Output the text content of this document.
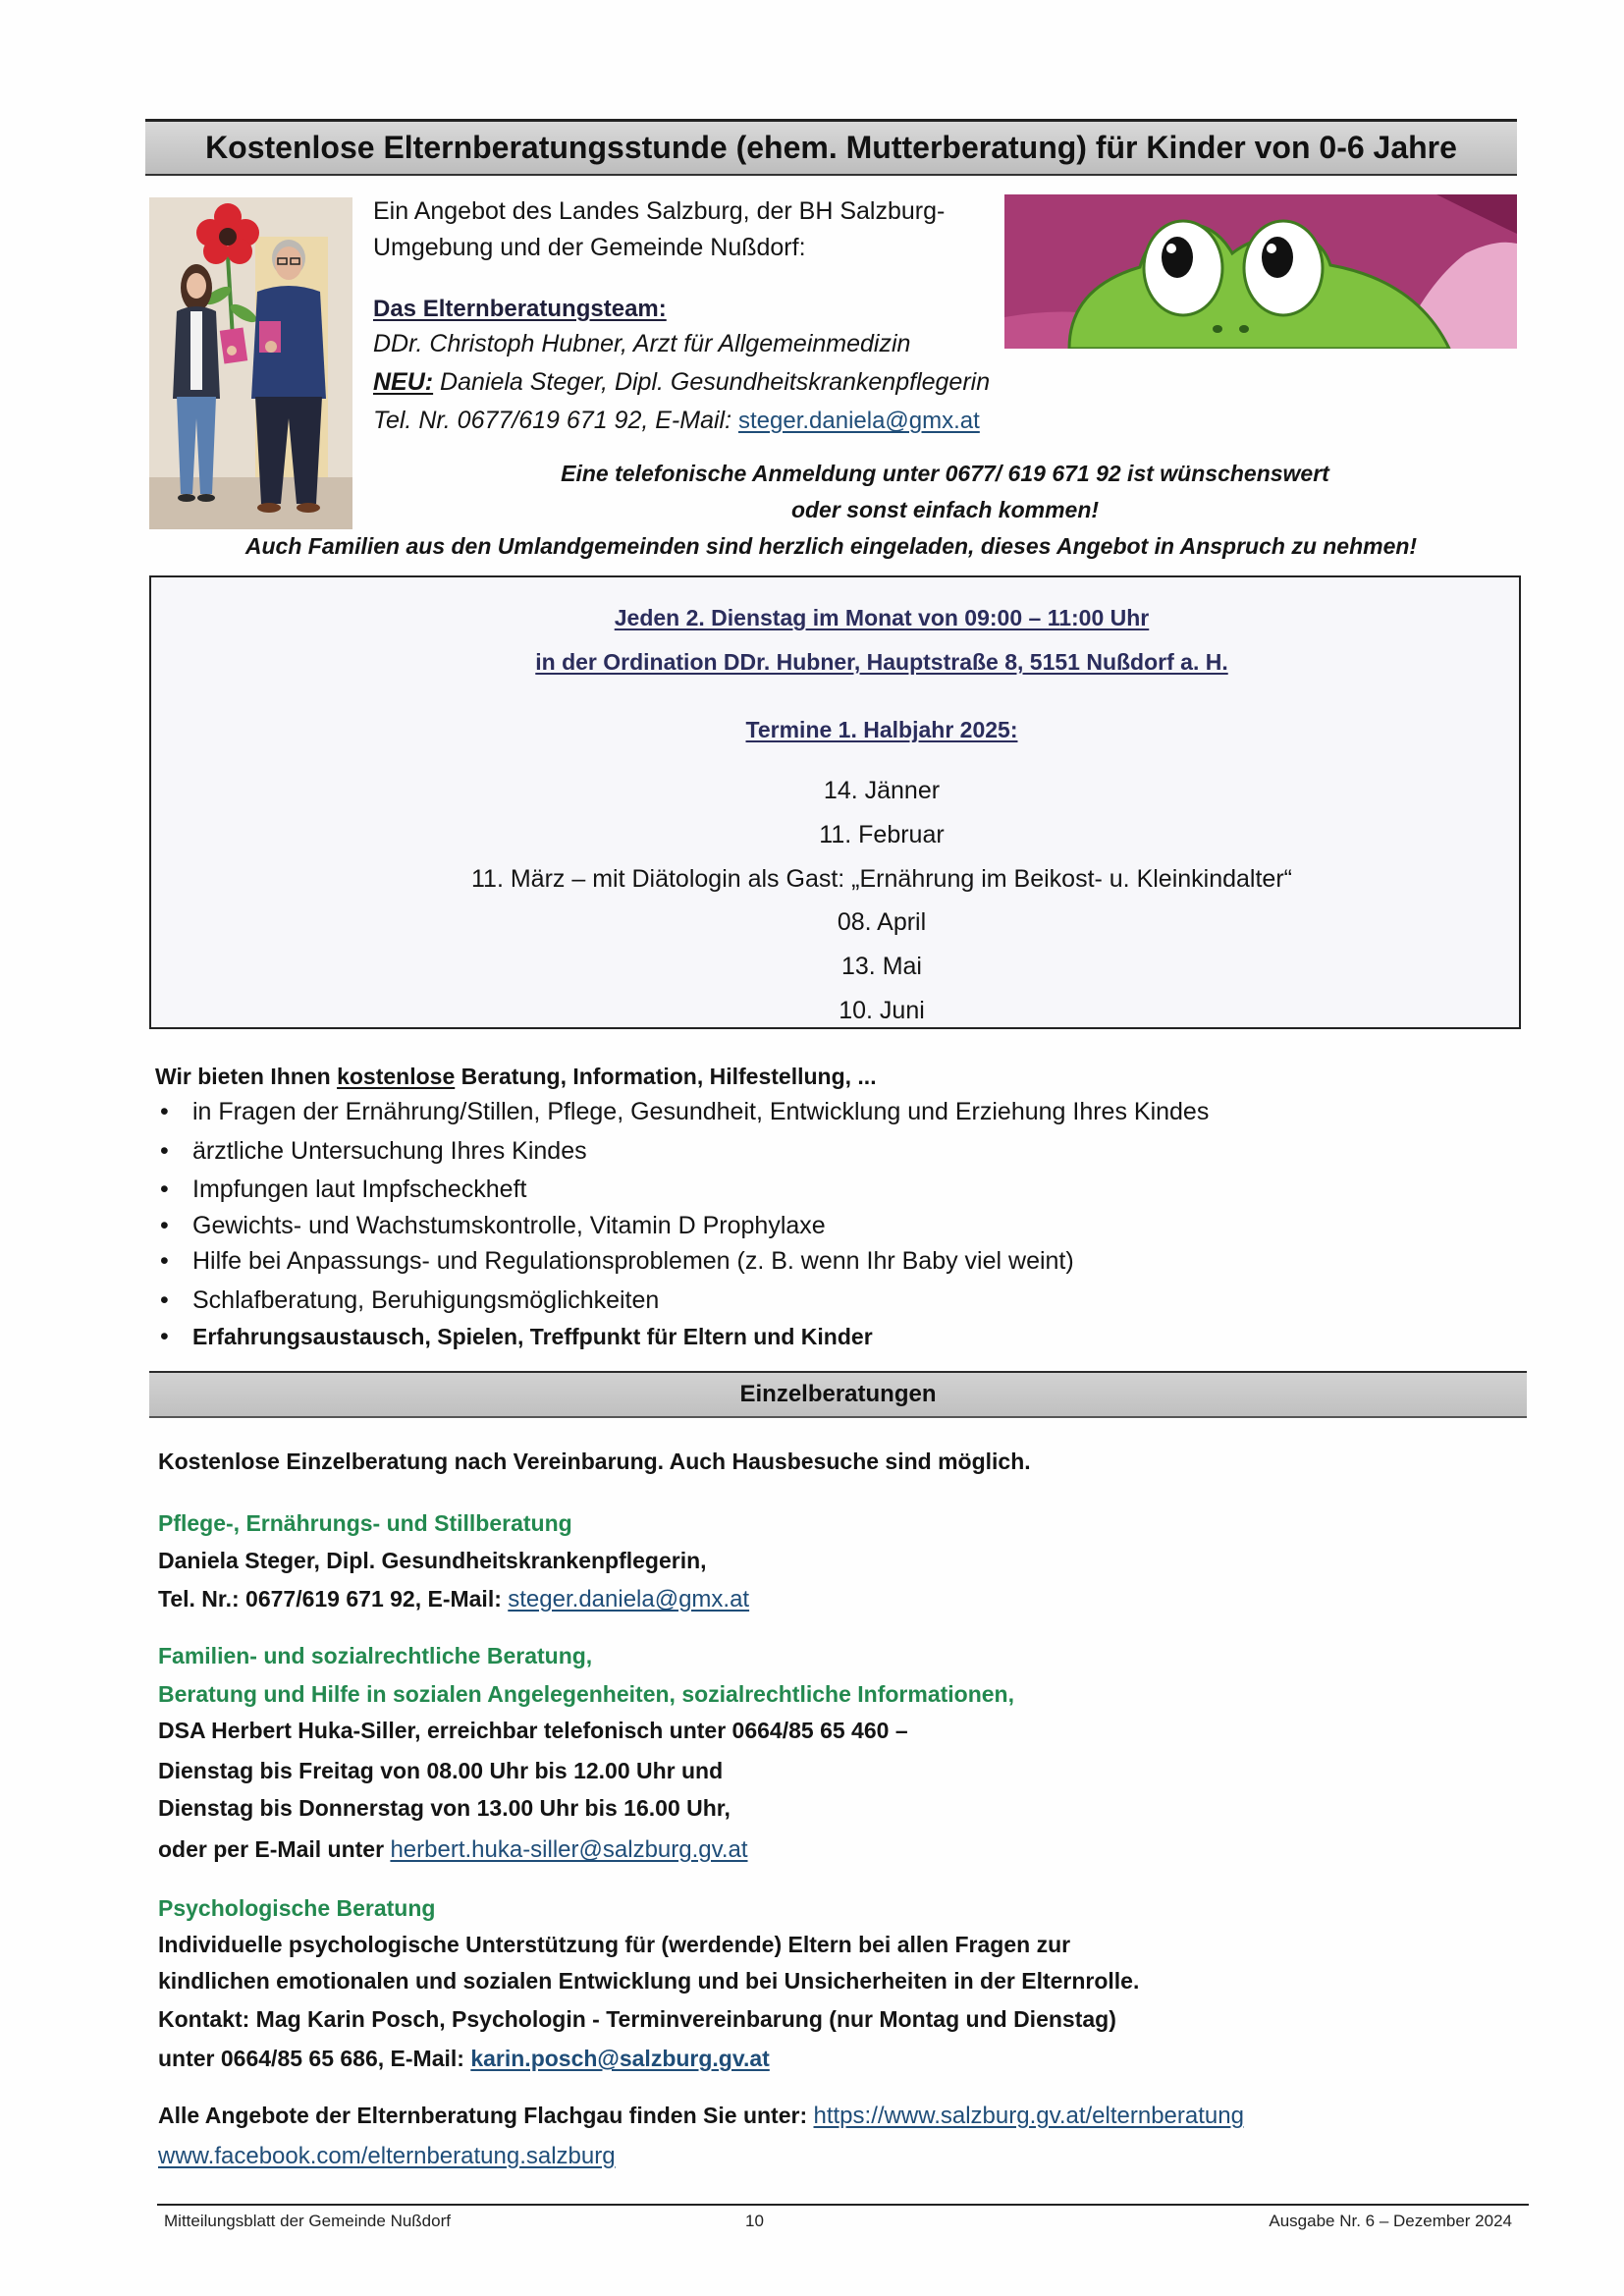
Kostenlose Elternberatungsstunde (ehem. Mutterberatung) für Kinder von 0-6 Jahre
Ein Angebot des Landes Salzburg, der BH Salzburg-
Umgebung und der Gemeinde Nußdorf:
Das Elternberatungsteam:
DDr. Christoph Hubner, Arzt für Allgemeinmedizin
NEU: Daniela Steger, Dipl. Gesundheitskrankenpflegerin
Tel. Nr. 0677/619 671 92, E-Mail: steger.daniela@gmx.at
Eine telefonische Anmeldung unter 0677/ 619 671 92 ist wünschenswert
oder sonst einfach kommen!
Auch Familien aus den Umlandgemeinden sind herzlich eingeladen, dieses Angebot in Anspruch zu nehmen!
Jeden 2. Dienstag im Monat von 09:00 – 11:00 Uhr
in der Ordination DDr. Hubner, Hauptstraße 8, 5151 Nußdorf a. H.
Termine 1. Halbjahr 2025:
14. Jänner
11. Februar
11. März – mit Diätologin als Gast: „Ernährung im Beikost- u. Kleinkindalter“
08. April
13. Mai
10. Juni
Wir bieten Ihnen kostenlose Beratung, Information, Hilfestellung, ...
•in Fragen der Ernährung/Stillen, Pflege, Gesundheit, Entwicklung und Erziehung Ihres Kindes
•ärztliche Untersuchung Ihres Kindes
•Impfungen laut Impfscheckheft
•Gewichts- und Wachstumskontrolle, Vitamin D Prophylaxe
•Hilfe bei Anpassungs- und Regulationsproblemen (z. B. wenn Ihr Baby viel weint)
•Schlafberatung, Beruhigungsmöglichkeiten
•Erfahrungsaustausch, Spielen, Treffpunkt für Eltern und Kinder
Einzelberatungen
Kostenlose Einzelberatung nach Vereinbarung. Auch Hausbesuche sind möglich.
Pflege-, Ernährungs- und Stillberatung
Daniela Steger, Dipl. Gesundheitskrankenpflegerin,
Tel. Nr.: 0677/619 671 92, E-Mail: steger.daniela@gmx.at
Familien- und sozialrechtliche Beratung,
Beratung und Hilfe in sozialen Angelegenheiten, sozialrechtliche Informationen,
DSA Herbert Huka-Siller, erreichbar telefonisch unter 0664/85 65 460 –
Dienstag bis Freitag von 08.00 Uhr bis 12.00 Uhr und
Dienstag bis Donnerstag von 13.00 Uhr bis 16.00 Uhr,
oder per E-Mail unter herbert.huka-siller@salzburg.gv.at
Psychologische Beratung
Individuelle psychologische Unterstützung für (werdende) Eltern bei allen Fragen zur
kindlichen emotionalen und sozialen Entwicklung und bei Unsicherheiten in der Elternrolle.
Kontakt: Mag Karin Posch, Psychologin - Terminvereinbarung (nur Montag und Dienstag)
unter 0664/85 65 686, E-Mail: karin.posch@salzburg.gv.at
Alle Angebote der Elternberatung Flachgau finden Sie unter: https://www.salzburg.gv.at/elternberatung
www.facebook.com/elternberatung.salzburg
Mitteilungsblatt der Gemeinde Nußdorf	10	Ausgabe Nr. 6 – Dezember 2024
